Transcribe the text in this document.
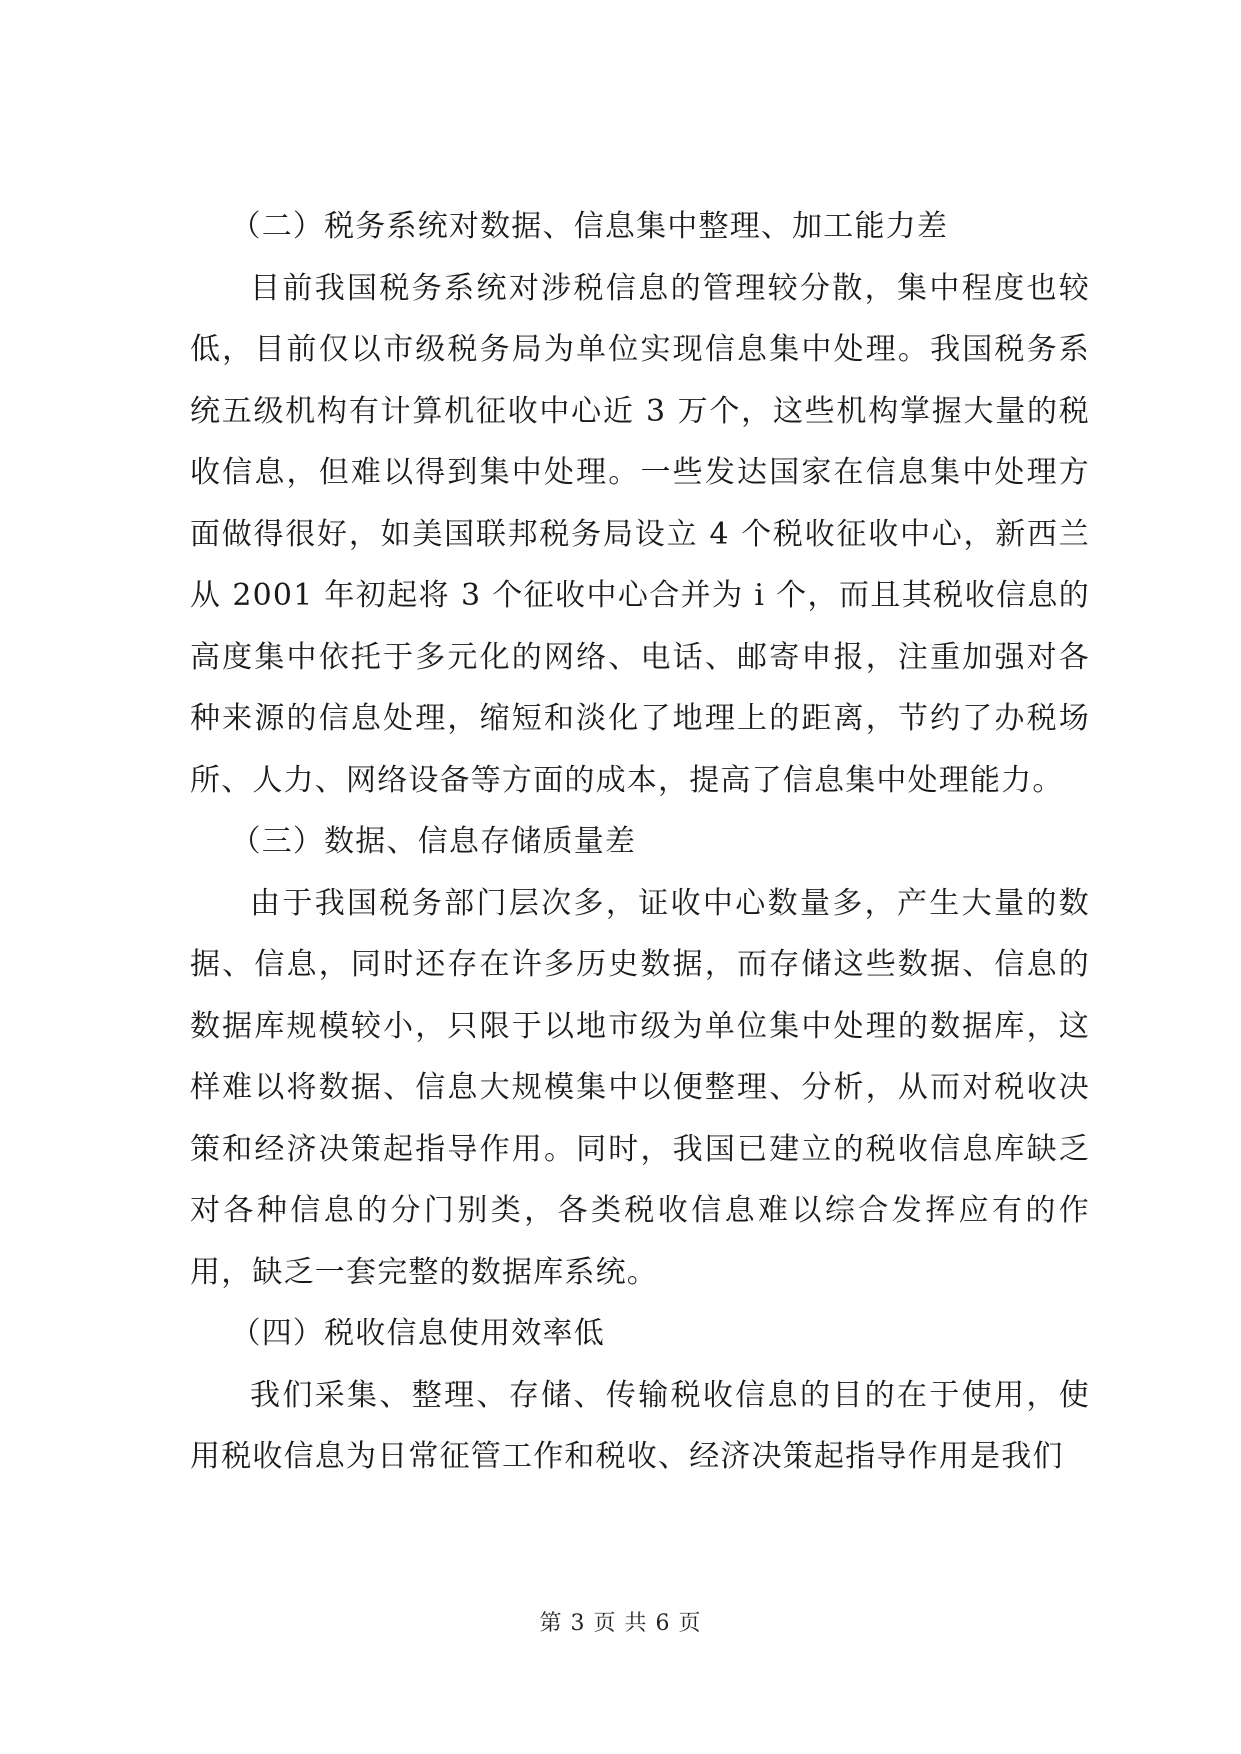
（二）税务系统对数据、信息集中整理、加工能力差

目前我国税务系统对涉税信息的管理较分散，集中程度也较低，目前仅以市级税务局为单位实现信息集中处理。我国税务系统五级机构有计算机征收中心近 3 万个，这些机构掌握大量的税收信息，但难以得到集中处理。一些发达国家在信息集中处理方面做得很好，如美国联邦税务局设立 4 个税收征收中心，新西兰从 2001 年初起将 3 个征收中心合并为 i 个，而且其税收信息的高度集中依托于多元化的网络、电话、邮寄申报，注重加强对各种来源的信息处理，缩短和淡化了地理上的距离，节约了办税场所、人力、网络设备等方面的成本，提高了信息集中处理能力。

（三）数据、信息存储质量差

由于我国税务部门层次多，证收中心数量多，产生大量的数据、信息，同时还存在许多历史数据，而存储这些数据、信息的数据库规模较小，只限于以地市级为单位集中处理的数据库，这样难以将数据、信息大规模集中以便整理、分析，从而对税收决策和经济决策起指导作用。同时，我国已建立的税收信息库缺乏对各种信息的分门别类，各类税收信息难以综合发挥应有的作用，缺乏一套完整的数据库系统。

（四）税收信息使用效率低

我们采集、整理、存储、传输税收信息的目的在于使用，使用税收信息为日常征管工作和税收、经济决策起指导作用是我们

第 3 页 共 6 页
